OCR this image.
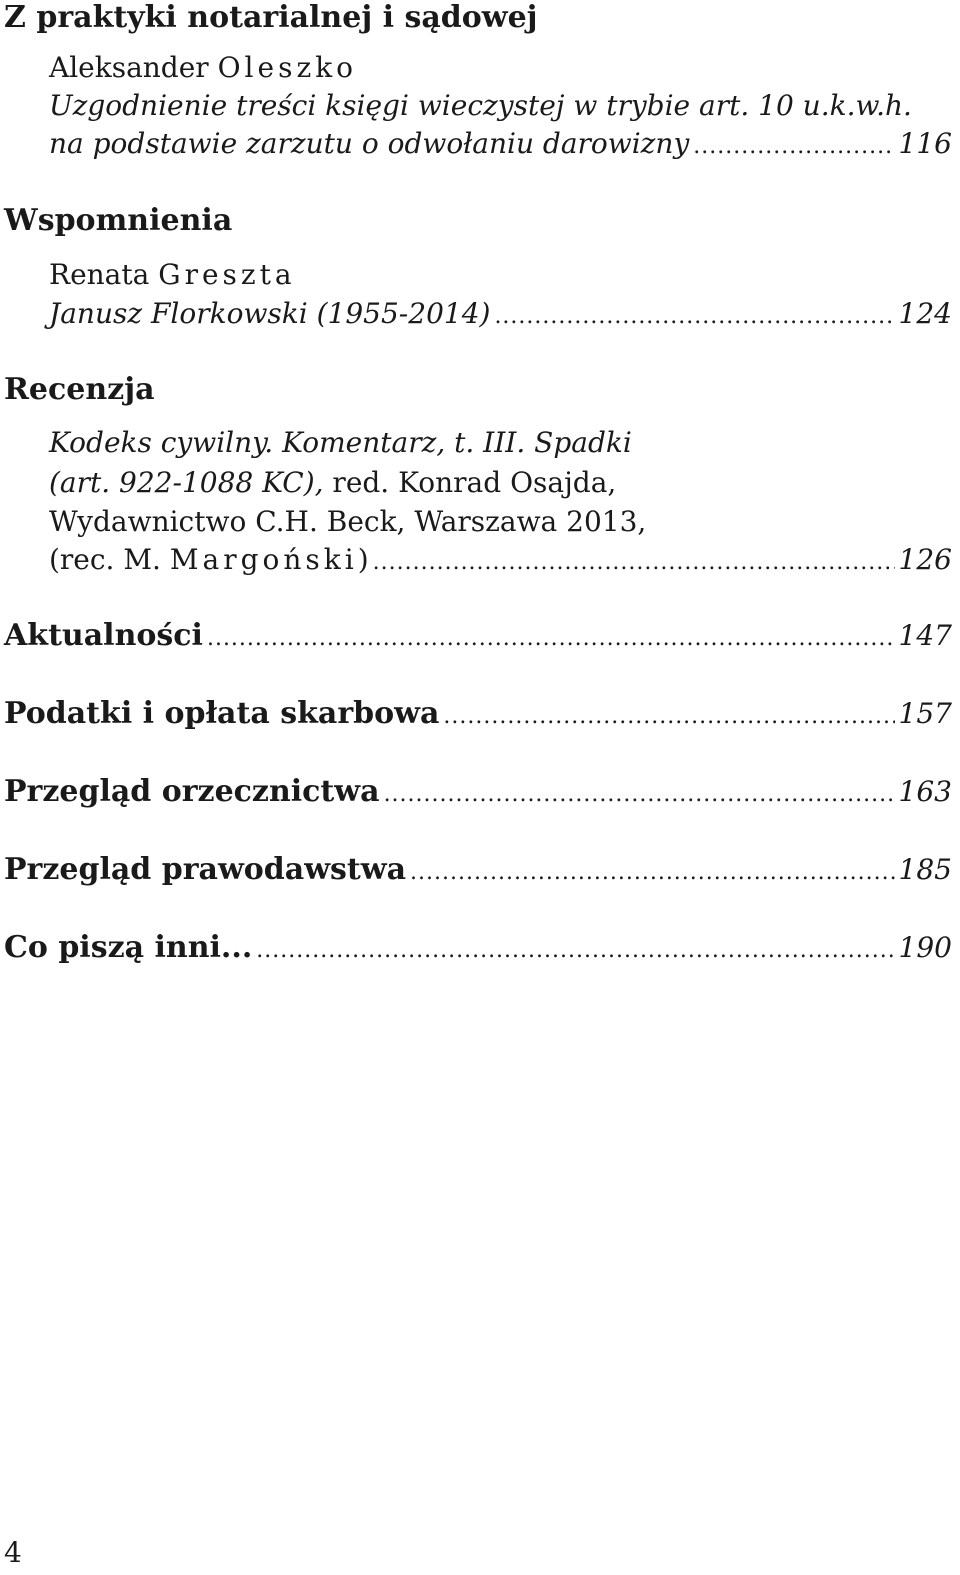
Z praktyki notarialnej i sądowej
Aleksander Oleszko
Uzgodnienie treści księgi wieczystej w trybie art. 10 u.k.w.h.
na podstawie zarzutu o odwołaniu darowizny .....	116
Wspomnienia
Renata Greszta
Janusz Florkowski (1955-2014) .....	124
Recenzja
Kodeks cywilny. Komentarz, t. III. Spadki
(art. 922-1088 KC), red. Konrad Osajda,
Wydawnictwo C.H. Beck, Warszawa 2013,
(rec. M. Margoński) .....	126
Aktualności .....	147
Podatki i opłata skarbowa .....	157
Przegląd orzecznictwa .....	163
Przegląd prawodawstwa .....	185
Co piszą inni... .....	190
4
